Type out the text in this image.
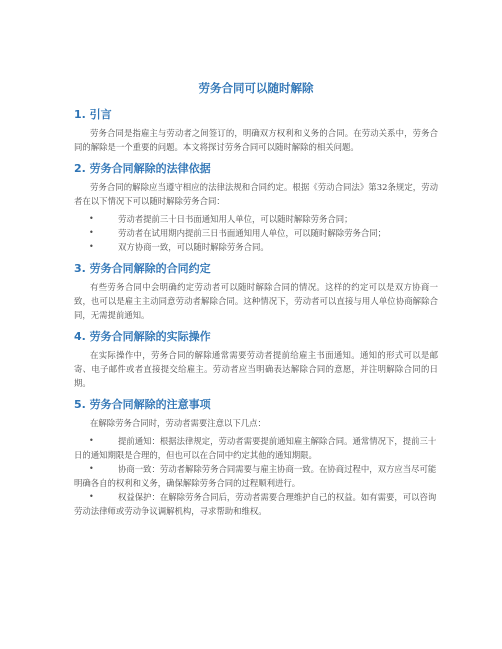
劳务合同可以随时解除
1. 引言

劳务合同是指雇主与劳动者之间签订的，明确双方权利和义务的合同。在劳动关系中，劳务合同的解除是一个重要的问题。本文将探讨劳务合同可以随时解除的相关问题。

2. 劳务合同解除的法律依据

劳务合同的解除应当遵守相应的法律法规和合同约定。根据《劳动合同法》第32条规定，劳动者在以下情况下可以随时解除劳务合同：

•	劳动者提前三十日书面通知用人单位，可以随时解除劳务合同；
•	劳动者在试用期内提前三日书面通知用人单位，可以随时解除劳务合同；
•	双方协商一致，可以随时解除劳务合同。
3. 劳务合同解除的合同约定

有些劳务合同中会明确约定劳动者可以随时解除合同的情况。这样的约定可以是双方协商一致，也可以是雇主主动同意劳动者解除合同。这种情况下，劳动者可以直接与用人单位协商解除合同，无需提前通知。

4. 劳务合同解除的实际操作

在实际操作中，劳务合同的解除通常需要劳动者提前给雇主书面通知。通知的形式可以是邮寄、电子邮件或者直接提交给雇主。劳动者应当明确表达解除合同的意愿，并注明解除合同的日期。

5. 劳务合同解除的注意事项

在解除劳务合同时，劳动者需要注意以下几点：

•	提前通知：根据法律规定，劳动者需要提前通知雇主解除合同。通常情况下，提前三十日的通知期限是合理的，但也可以在合同中约定其他的通知期限。
•	协商一致：劳动者解除劳务合同需要与雇主协商一致。在协商过程中，双方应当尽可能明确各自的权利和义务，确保解除劳务合同的过程顺利进行。
•	权益保护：在解除劳务合同后，劳动者需要合理维护自己的权益。如有需要，可以咨询劳动法律师或劳动争议调解机构，寻求帮助和维权。
